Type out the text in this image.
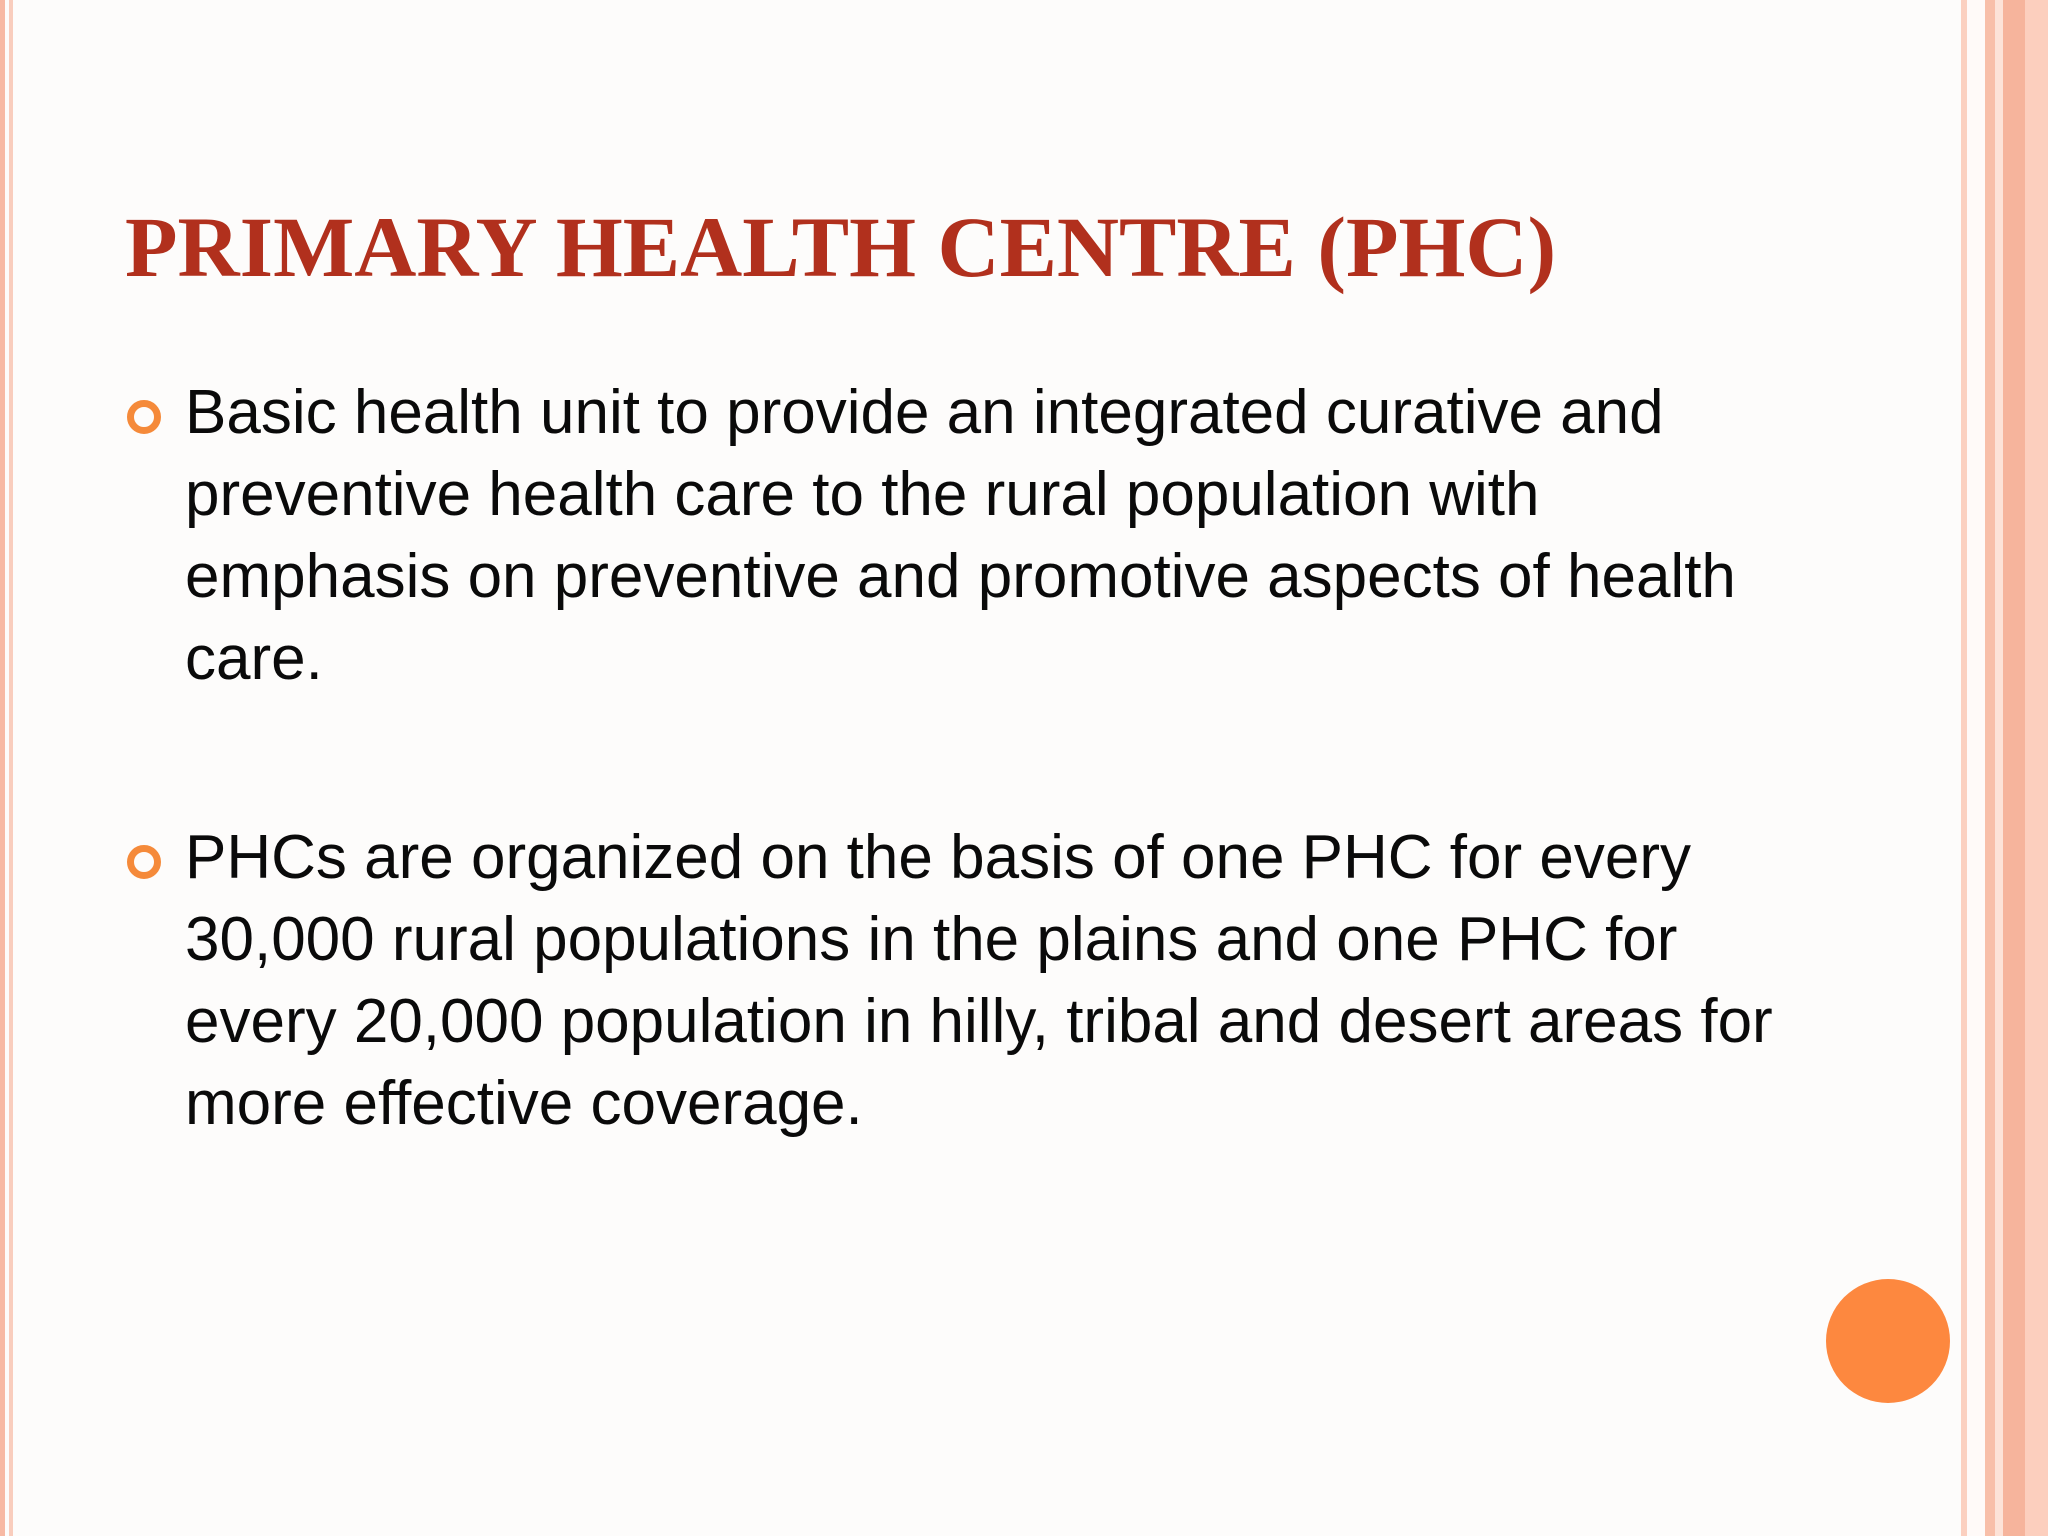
PRIMARY HEALTH CENTRE (PHC)
Basic health unit to provide an integrated curative and preventive health care to the rural population with emphasis on preventive and promotive aspects of health care.
PHCs are organized on the basis of one PHC for every 30,000 rural populations in the plains and one PHC for every 20,000 population in hilly, tribal and desert areas for more effective coverage.
